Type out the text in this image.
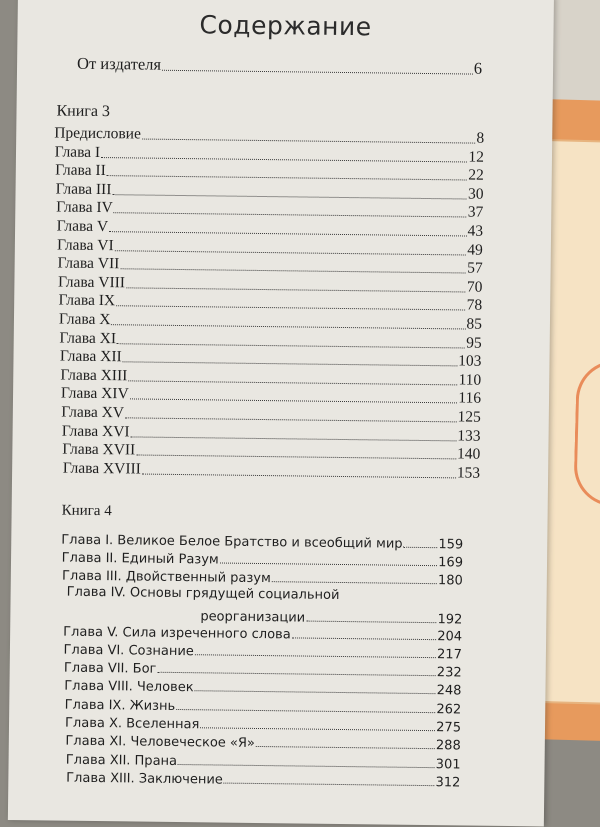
Содержание
От издателя	6
Книга 3
Предисловие	8
Глава I	12
Глава II	22
Глава III	30
Глава IV	37
Глава V	43
Глава VI	49
Глава VII	57
Глава VIII	70
Глава IX	78
Глава X	85
Глава XI	95
Глава XII	103
Глава XIII	110
Глава XIV	116
Глава XV	125
Глава XVI	133
Глава XVII	140
Глава XVIII	153
Книга 4
Глава I. Великое Белое Братство и всеобщий мир	159
Глава II. Единый Разум	169
Глава III. Двойственный разум	180
Глава IV. Основы грядущей социальной
реорганизации	192
Глава V. Сила изреченного слова	204
Глава VI. Сознание	217
Глава VII. Бог	232
Глава VIII. Человек	248
Глава IX. Жизнь	262
Глава X. Вселенная	275
Глава XI. Человеческое «Я»	288
Глава XII. Прана	301
Глава XIII. Заключение	312
